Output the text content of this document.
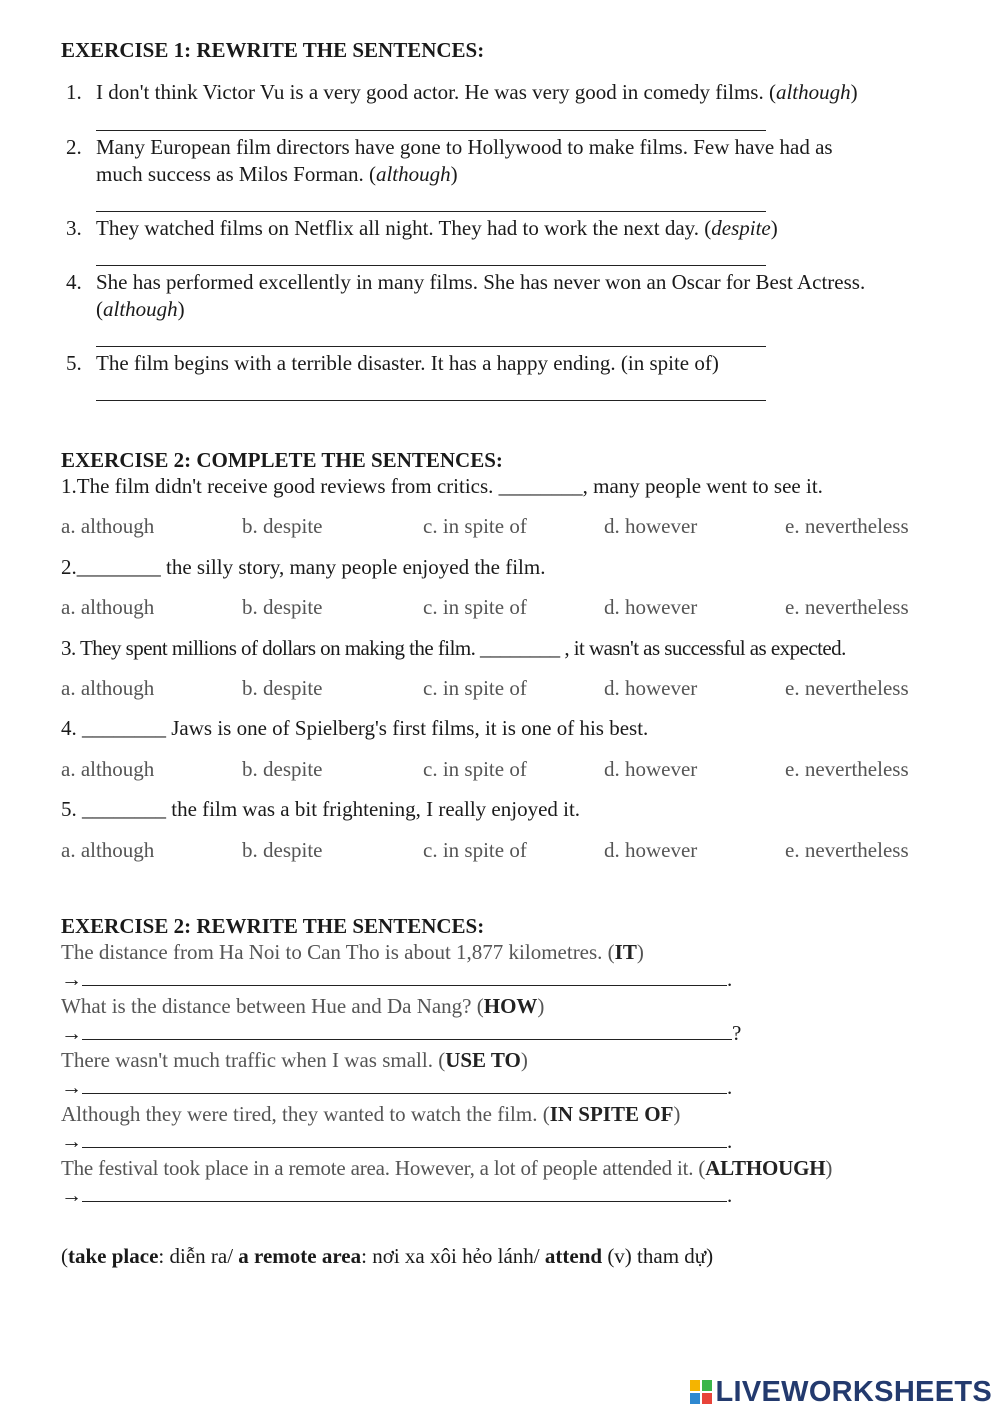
EXERCISE 1: REWRITE THE SENTENCES:
1. I don't think Victor Vu is a very good actor. He was very good in comedy films. (although)
2. Many European film directors have gone to Hollywood to make films. Few have had as
much success as Milos Forman. (although)
3. They watched films on Netflix all night. They had to work the next day. (despite)
4. She has performed excellently in many films. She has never won an Oscar for Best Actress.
(although)
5. The film begins with a terrible disaster. It has a happy ending. (in spite of)
EXERCISE 2: COMPLETE THE SENTENCES:
1.The film didn't receive good reviews from critics. ________, many people went to see it.
a. although	b. despite	c. in spite of	d. however	e. nevertheless
2.________ the silly story, many people enjoyed the film.
a. although	b. despite	c. in spite of	d. however	e. nevertheless
3. They spent millions of dollars on making the film. ________ , it wasn't as successful as expected.
a. although	b. despite	c. in spite of	d. however	e. nevertheless
4. ________ Jaws is one of Spielberg's first films, it is one of his best.
a. although	b. despite	c. in spite of	d. however	e. nevertheless
5. ________ the film was a bit frightening, I really enjoyed it.
a. although	b. despite	c. in spite of	d. however	e. nevertheless
EXERCISE 2: REWRITE THE SENTENCES:
The distance from Ha Noi to Can Tho is about 1,877 kilometres. (IT)
→	.
What is the distance between Hue and Da Nang? (HOW)
→	?
There wasn't much traffic when I was small. (USE TO)
→	.
Although they were tired, they wanted to watch the film. (IN SPITE OF)
→	.
The festival took place in a remote area. However, a lot of people attended it. (ALTHOUGH)
→	.
(take place: diễn ra/ a remote area: nơi xa xôi hẻo lánh/ attend (v) tham dự)
LIVEWORKSHEETS
